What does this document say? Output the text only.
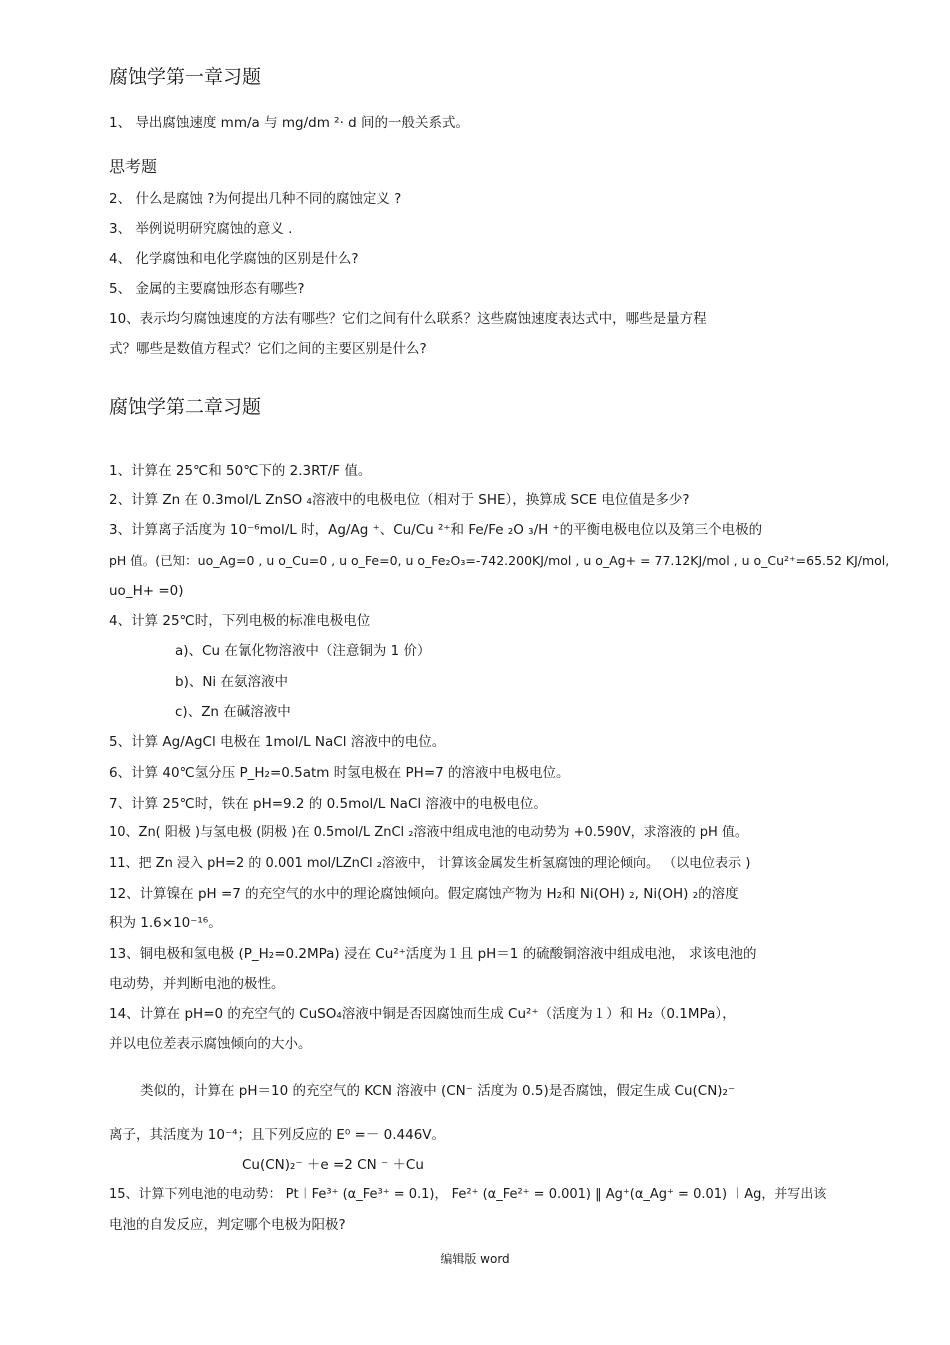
腐蚀学第一章习题
1、 导出腐蚀速度 mm/a 与 mg/dm ²· d 间的一般关系式。
思考题
2、 什么是腐蚀 ?为何提出几种不同的腐蚀定义 ?
3、 举例说明研究腐蚀的意义 .
4、 化学腐蚀和电化学腐蚀的区别是什么?
5、 金属的主要腐蚀形态有哪些?
10、表示均匀腐蚀速度的方法有哪些？它们之间有什么联系？这些腐蚀速度表达式中，哪些是量方程
式？哪些是数值方程式？它们之间的主要区别是什么?
腐蚀学第二章习题
1、计算在 25℃和 50℃下的 2.3RT/F 值。
2、计算 Zn 在 0.3mol/L ZnSO ₄溶液中的电极电位（相对于 SHE），换算成 SCE 电位值是多少?
3、计算离子活度为 10⁻⁶mol/L 时，Ag/Ag ⁺、Cu/Cu ²⁺和 Fe/Fe ₂O ₃/H ⁺的平衡电极电位以及第三个电极的
pH 值。(已知：uo_Ag=0 , u o_Cu=0 , u o_Fe=0, u o_Fe₂O₃=-742.200KJ/mol , u o_Ag+ = 77.12KJ/mol , u o_Cu²⁺=65.52 KJ/mol,
uo_H+ =0)
4、计算 25℃时，下列电极的标准电极电位
a)、Cu 在氰化物溶液中（注意铜为 1 价）
b)、Ni 在氨溶液中
c)、Zn 在碱溶液中
5、计算 Ag/AgCl 电极在 1mol/L NaCl 溶液中的电位。
6、计算 40℃氢分压 P_H₂=0.5atm 时氢电极在 PH=7 的溶液中电极电位。
7、计算 25℃时，铁在 pH=9.2 的 0.5mol/L NaCl 溶液中的电极电位。
10、Zn( 阳极 )与氢电极 (阴极 )在 0.5mol/L ZnCl ₂溶液中组成电池的电动势为 +0.590V，求溶液的 pH 值。
11、把 Zn 浸入 pH=2 的 0.001 mol/LZnCl ₂溶液中， 计算该金属发生析氢腐蚀的理论倾向。 （以电位表示 )
12、计算镍在 pH =7 的充空气的水中的理论腐蚀倾向。假定腐蚀产物为 H₂和 Ni(OH) ₂, Ni(OH) ₂的溶度
积为 1.6×10⁻¹⁶。
13、铜电极和氢电极 (P_H₂=0.2MPa) 浸在 Cu²⁺活度为１且 pH＝1 的硫酸铜溶液中组成电池， 求该电池的
电动势，并判断电池的极性。
14、计算在 pH=0 的充空气的 CuSO₄溶液中铜是否因腐蚀而生成 Cu²⁺（活度为１）和 H₂（0.1MPa），
并以电位差表示腐蚀倾向的大小。
类似的，计算在 pH＝10 的充空气的 KCN 溶液中 (CN⁻ 活度为 0.5)是否腐蚀，假定生成 Cu(CN)₂⁻
离子，其活度为 10⁻⁴；且下列反应的 E⁰ =－ 0.446V。
Cu(CN)₂⁻ ＋e =2 CN ⁻ ＋Cu
15、计算下列电池的电动势： Pt︱Fe³⁺ (α_Fe³⁺ = 0.1)， Fe²⁺ (α_Fe²⁺ = 0.001) ‖ Ag⁺(α_Ag⁺ = 0.01) ︱Ag，并写出该
电池的自发反应，判定哪个电极为阳极?
编辑版 word
